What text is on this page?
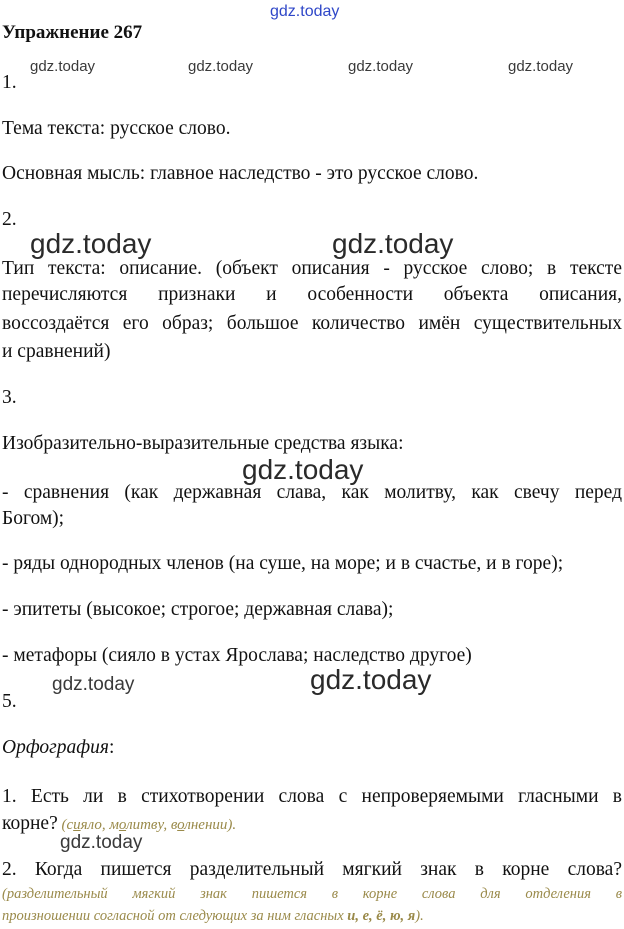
gdz.today
gdz.today	gdz.today	gdz.today	gdz.today
gdz.today	gdz.today
gdz.today
gdz.today	gdz.today
gdz.today
Упражнение 267
1.
Тема текста: русское слово.
Основная мысль: главное наследство - это русское слово.
2.
Тип текста: описание. (объект описания - русское слово; в тексте
перечисляются признаки и особенности объекта описания,
воссоздаётся его образ; большое количество имён существительных
и сравнений)
3.
Изобразительно-выразительные средства языка:
- сравнения (как державная слава, как молитву, как свечу перед
Богом);
- ряды однородных членов (на суше, на море; и в счастье, и в горе);
- эпитеты (высокое; строгое; державная слава);
- метафоры (сияло в устах Ярослава; наследство другое)
5.
Орфография:
1. Есть ли в стихотворении слова с непроверяемыми гласными в
корне? (сияло, молитву, волнении).
2. Когда пишется разделительный мягкий знак в корне слова?
(разделительный мягкий знак пишется в корне слова для отделения в
произношении согласной от следующих за ним гласных и, е, ё, ю, я).
